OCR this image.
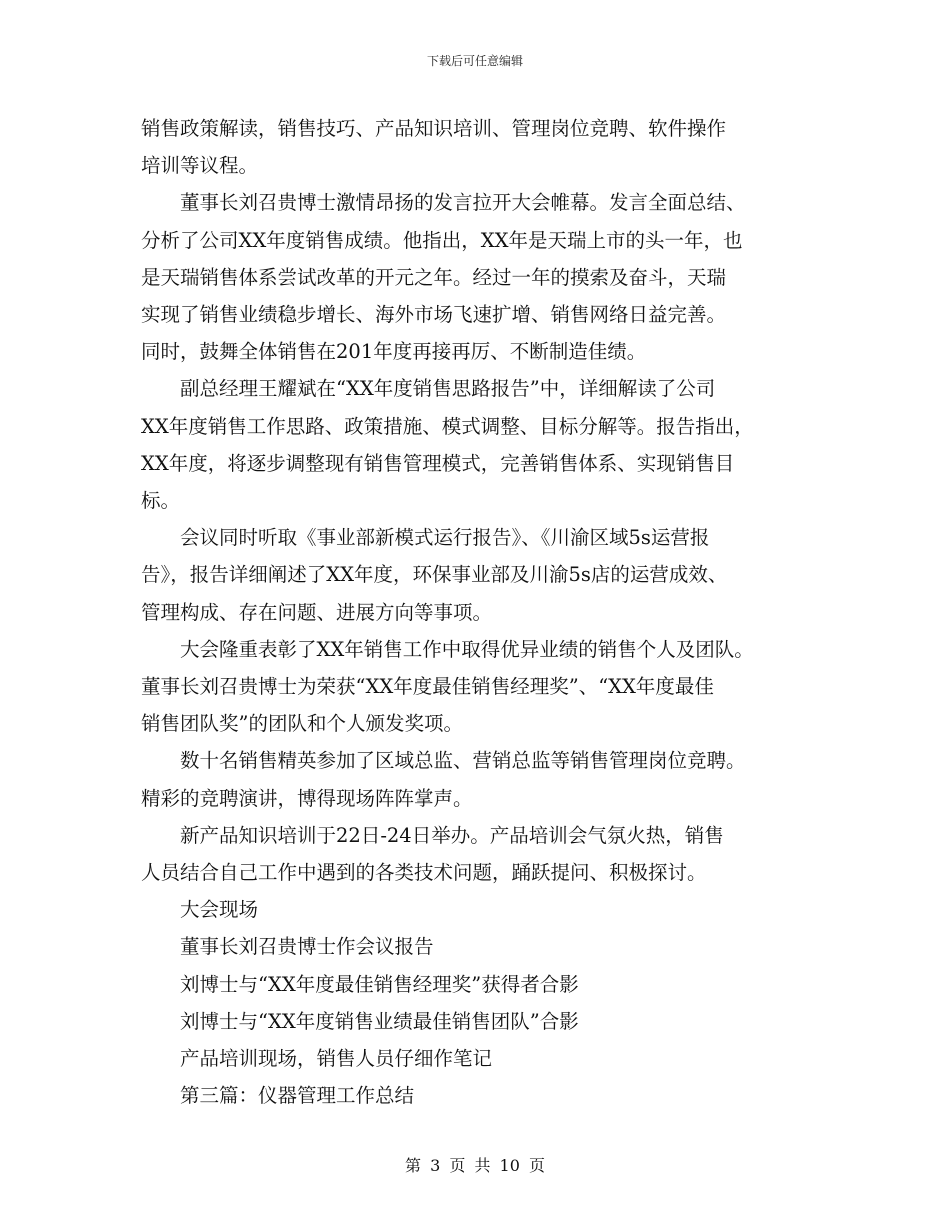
下载后可任意编辑

销售政策解读，销售技巧、产品知识培训、管理岗位竞聘、软件操作
培训等议程。

董事长刘召贵博士激情昂扬的发言拉开大会帷幕。发言全面总结、

分析了公司XX年度销售成绩。他指出，XX年是天瑞上市的头一年，也
是天瑞销售体系尝试改革的开元之年。经过一年的摸索及奋斗，天瑞
实现了销售业绩稳步增长、海外市场飞速扩增、销售网络日益完善。
同时，鼓舞全体销售在201年度再接再厉、不断制造佳绩。

副总经理王耀斌在“XX年度销售思路报告”中，详细解读了公司

XX年度销售工作思路、政策措施、模式调整、目标分解等。报告指出，
XX年度，将逐步调整现有销售管理模式，完善销售体系、实现销售目
标。

会议同时听取《事业部新模式运行报告》、《川渝区域5s运营报

告》，报告详细阐述了XX年度，环保事业部及川渝5s店的运营成效、
管理构成、存在问题、进展方向等事项。

大会隆重表彰了XX年销售工作中取得优异业绩的销售个人及团队。

董事长刘召贵博士为荣获“XX年度最佳销售经理奖”、“XX年度最佳
销售团队奖”的团队和个人颁发奖项。

数十名销售精英参加了区域总监、营销总监等销售管理岗位竞聘。

精彩的竞聘演讲，博得现场阵阵掌声。

新产品知识培训于22日-24日举办。产品培训会气氛火热，销售

人员结合自己工作中遇到的各类技术问题，踊跃提问、积极探讨。

大会现场

董事长刘召贵博士作会议报告

刘博士与“XX年度最佳销售经理奖”获得者合影

刘博士与“XX年度销售业绩最佳销售团队”合影

产品培训现场，销售人员仔细作笔记

第三篇：仪器管理工作总结

第 3 页 共 10 页
